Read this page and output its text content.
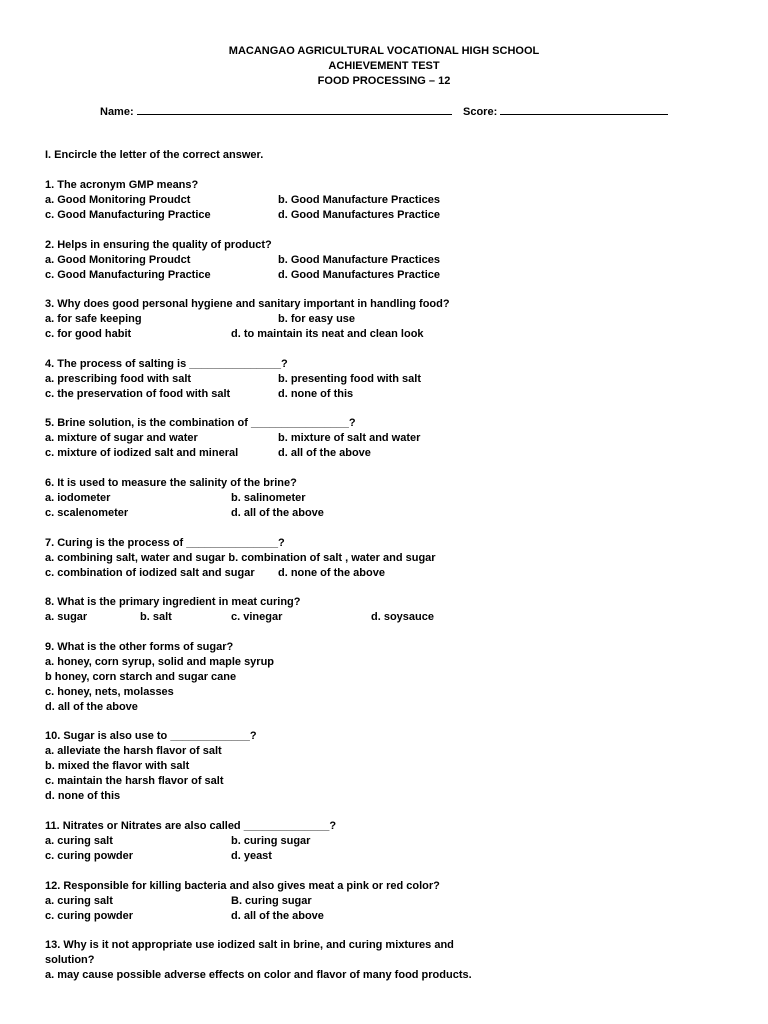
MACANGAO AGRICULTURAL VOCATIONAL HIGH SCHOOL
ACHIEVEMENT TEST
FOOD PROCESSING – 12
Name:	Score:
I. Encircle the letter of the correct answer.
1. The acronym GMP means?
a. Good Monitoring Proudct	b. Good Manufacture Practices
c. Good Manufacturing Practice	d. Good Manufactures Practice
2. Helps in ensuring the quality of product?
a. Good Monitoring Proudct	b. Good Manufacture Practices
c. Good Manufacturing Practice	d. Good Manufactures Practice
3. Why does good personal hygiene and sanitary important in handling food?
a. for safe keeping	b. for easy use
c. for good habit	d. to maintain its neat and clean look
4. The process of salting is _______________?
a. prescribing food with salt	b. presenting food with salt
c. the preservation of food with salt	d. none of this
5. Brine solution, is the combination of ________________?
a. mixture of sugar and water	b. mixture of salt and water
c. mixture of iodized salt and mineral	d. all of the above
6. It is used to measure the salinity of the brine?
a. iodometer	b. salinometer
c. scalenometer	d. all of the above
7. Curing is the process of _______________?
a. combining salt, water and sugar b. combination of salt , water and sugar
c. combination of iodized salt and sugar d. none of the above
8. What is the primary ingredient in meat curing?
a. sugar	b. salt	c. vinegar	d. soysauce
9. What is the other forms of sugar?
a. honey, corn syrup, solid and maple syrup
b honey, corn starch and sugar cane
c. honey, nets, molasses
d. all of the above
10. Sugar is also use to _____________?
a. alleviate the harsh flavor of salt
b. mixed the flavor with salt
c. maintain the harsh flavor of salt
d. none of this
11. Nitrates or Nitrates are also called ______________?
a. curing salt	b. curing sugar
c. curing powder	d. yeast
12. Responsible for killing bacteria and also gives meat a pink or red color?
a. curing salt	B. curing sugar
c. curing powder	d. all of the above
13. Why is it not appropriate use iodized salt in brine, and curing mixtures and solution?
a. may cause possible adverse effects on color and flavor of many food products.
